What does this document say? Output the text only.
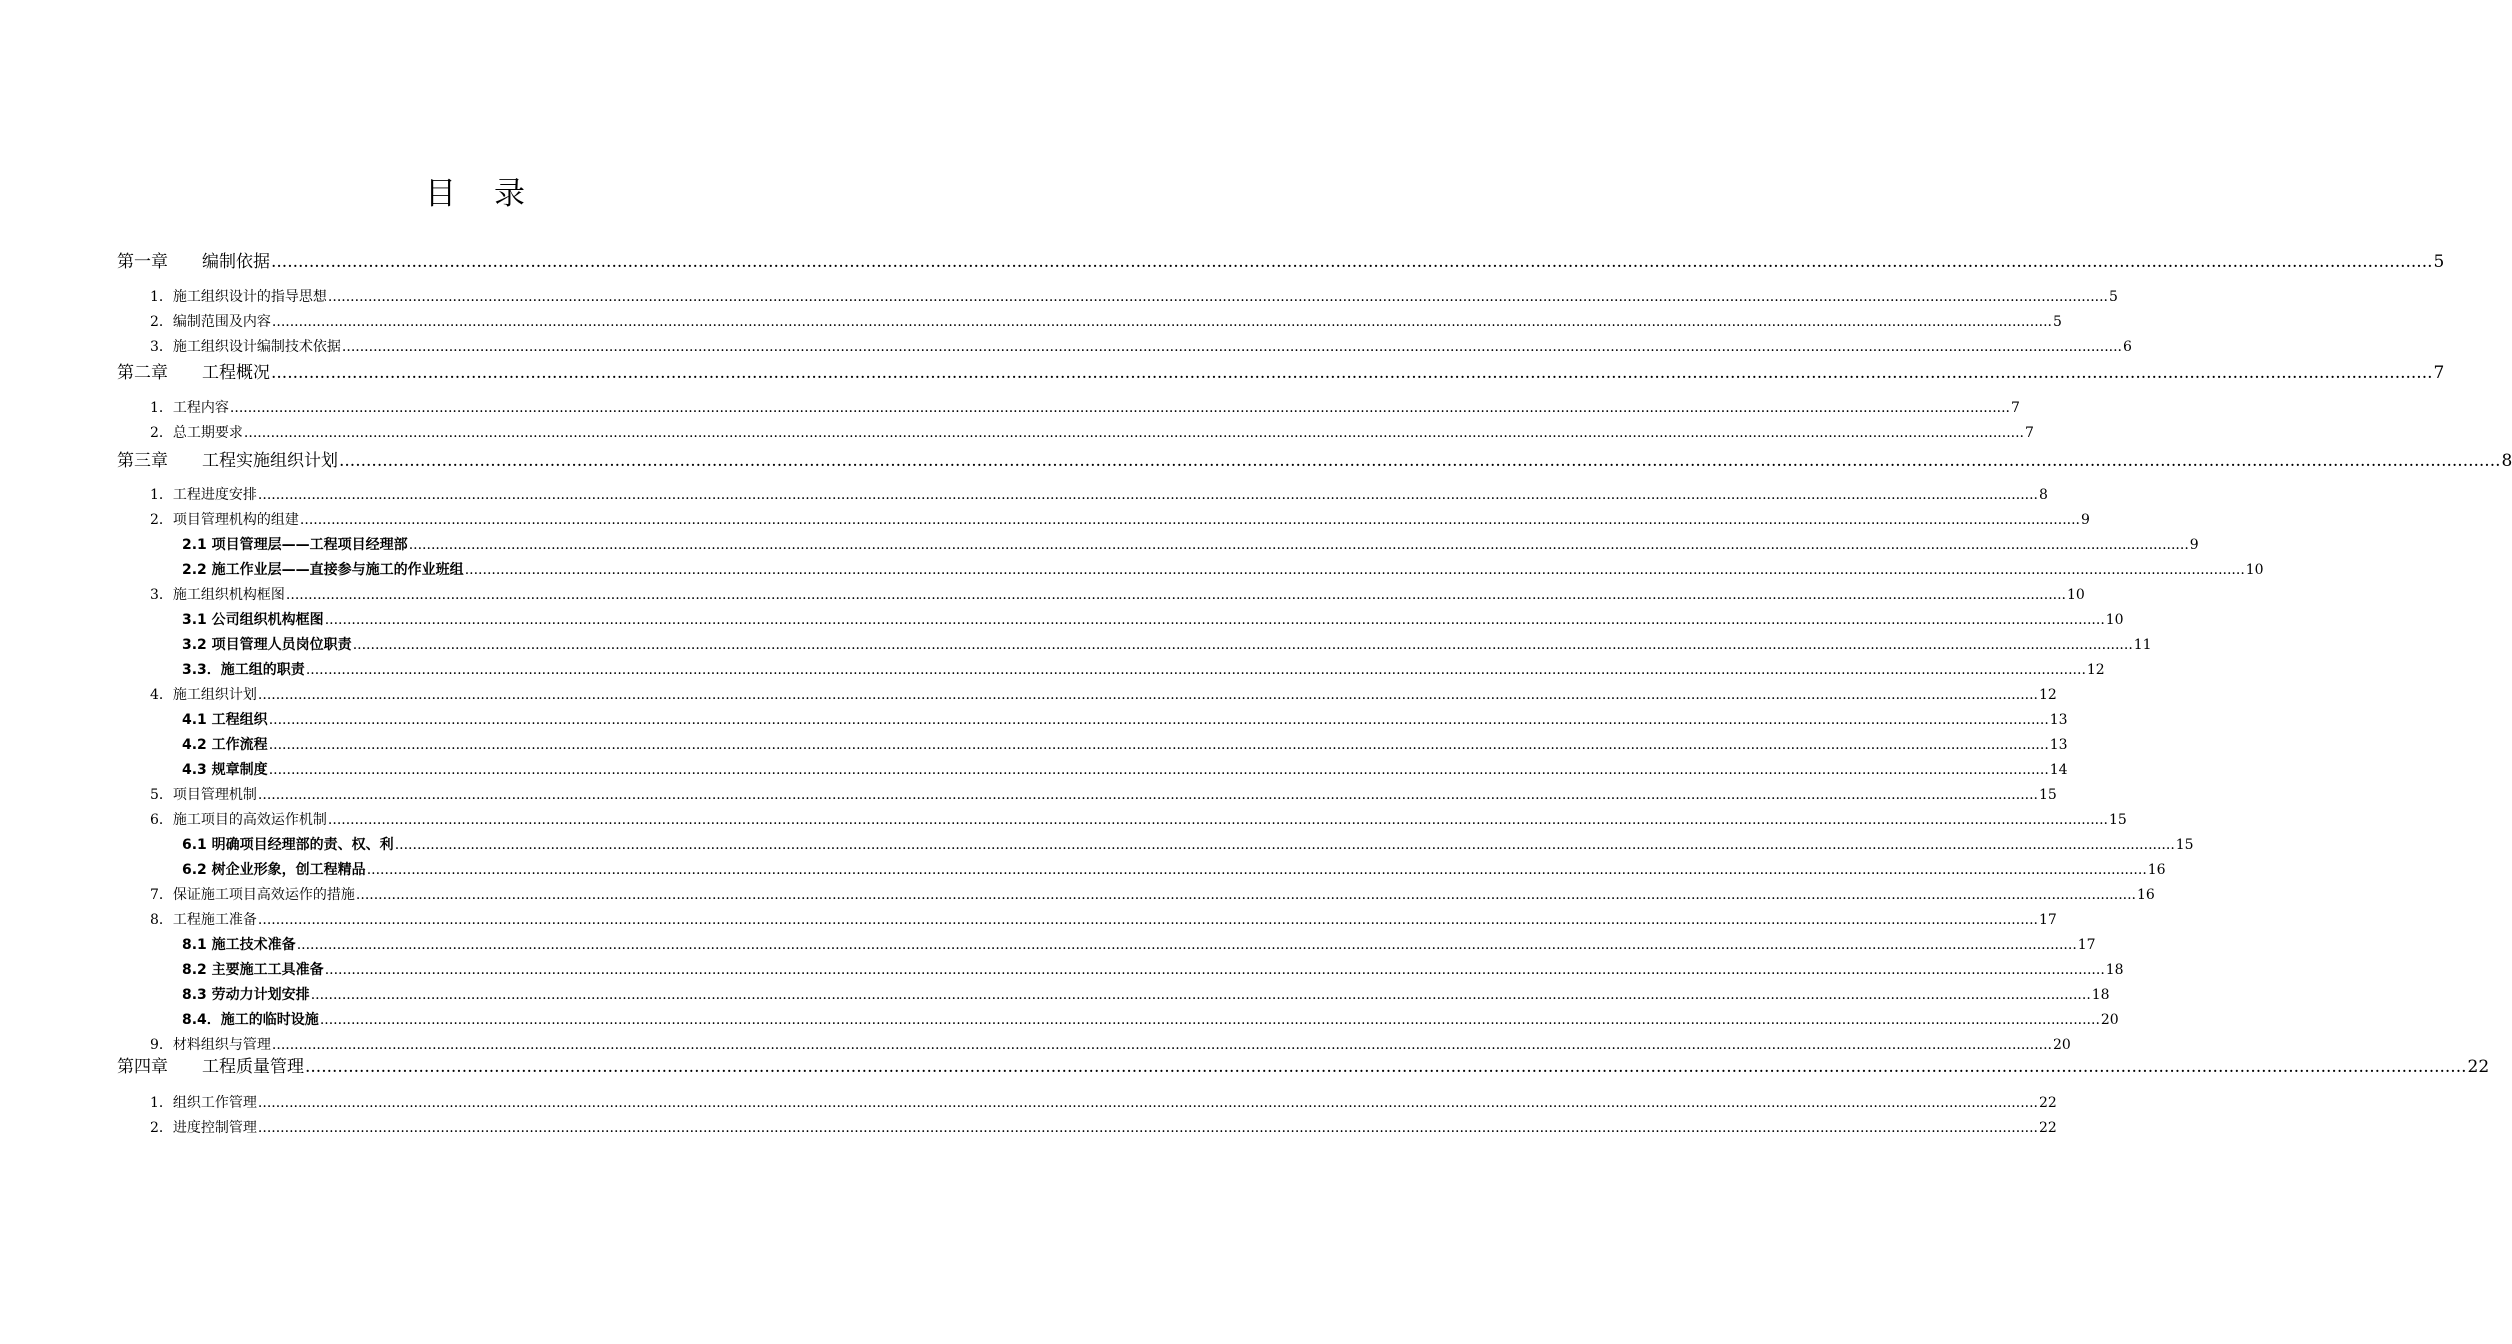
目 录
第一章 编制依据 ................................................................................................................................................................................................................................................................................................................................................................................................................ 5
1．施工组织设计的指导思想 ................................................................................................................................................................................................................................................................................................................................................................................................................ 5
2．编制范围及内容 ................................................................................................................................................................................................................................................................................................................................................................................................................ 5
3．施工组织设计编制技术依据 ................................................................................................................................................................................................................................................................................................................................................................................................................ 6
第二章 工程概况 ................................................................................................................................................................................................................................................................................................................................................................................................................ 7
1．工程内容 ................................................................................................................................................................................................................................................................................................................................................................................................................ 7
2．总工期要求 ................................................................................................................................................................................................................................................................................................................................................................................................................ 7
第三章 工程实施组织计划 ................................................................................................................................................................................................................................................................................................................................................................................................................ 8
1．工程进度安排 ................................................................................................................................................................................................................................................................................................................................................................................................................ 8
2．项目管理机构的组建 ................................................................................................................................................................................................................................................................................................................................................................................................................ 9
2.1 项目管理层——工程项目经理部 ................................................................................................................................................................................................................................................................................................................................................................................................................ 9
2.2 施工作业层——直接参与施工的作业班组 ................................................................................................................................................................................................................................................................................................................................................................................................................ 10
3．施工组织机构框图 ................................................................................................................................................................................................................................................................................................................................................................................................................ 10
3.1 公司组织机构框图 ................................................................................................................................................................................................................................................................................................................................................................................................................ 10
3.2 项目管理人员岗位职责 ................................................................................................................................................................................................................................................................................................................................................................................................................ 11
3.3．施工组的职责 ................................................................................................................................................................................................................................................................................................................................................................................................................ 12
4．施工组织计划 ................................................................................................................................................................................................................................................................................................................................................................................................................ 12
4.1 工程组织 ................................................................................................................................................................................................................................................................................................................................................................................................................ 13
4.2 工作流程 ................................................................................................................................................................................................................................................................................................................................................................................................................ 13
4.3 规章制度 ................................................................................................................................................................................................................................................................................................................................................................................................................ 14
5．项目管理机制 ................................................................................................................................................................................................................................................................................................................................................................................................................ 15
6．施工项目的高效运作机制 ................................................................................................................................................................................................................................................................................................................................................................................................................ 15
6.1 明确项目经理部的责、权、利 ................................................................................................................................................................................................................................................................................................................................................................................................................ 15
6.2 树企业形象，创工程精品 ................................................................................................................................................................................................................................................................................................................................................................................................................ 16
7．保证施工项目高效运作的措施 ................................................................................................................................................................................................................................................................................................................................................................................................................ 16
8．工程施工准备 ................................................................................................................................................................................................................................................................................................................................................................................................................ 17
8.1 施工技术准备 ................................................................................................................................................................................................................................................................................................................................................................................................................ 17
8.2 主要施工工具准备 ................................................................................................................................................................................................................................................................................................................................................................................................................ 18
8.3 劳动力计划安排 ................................................................................................................................................................................................................................................................................................................................................................................................................ 18
8.4．施工的临时设施 ................................................................................................................................................................................................................................................................................................................................................................................................................ 20
9．材料组织与管理 ................................................................................................................................................................................................................................................................................................................................................................................................................ 20
第四章 工程质量管理 ................................................................................................................................................................................................................................................................................................................................................................................................................ 22
1．组织工作管理 ................................................................................................................................................................................................................................................................................................................................................................................................................ 22
2．进度控制管理 ................................................................................................................................................................................................................................................................................................................................................................................................................ 22
